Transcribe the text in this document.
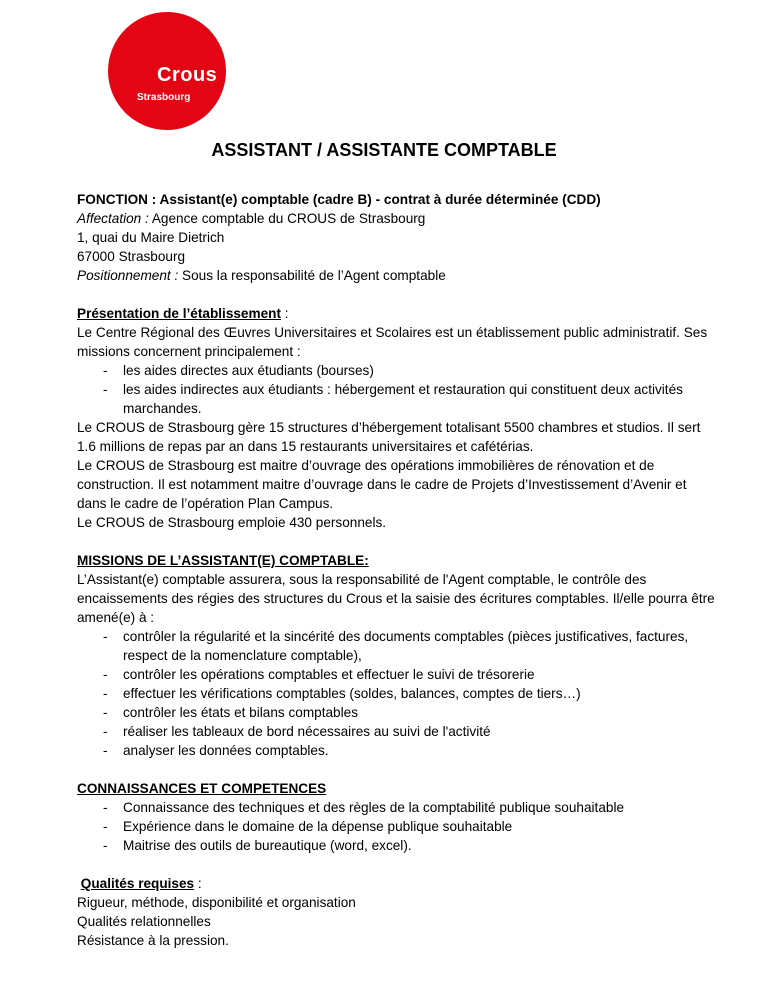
Crous
Strasbourg
ASSISTANT / ASSISTANTE COMPTABLE
FONCTION : Assistant(e) comptable (cadre B) - contrat à durée déterminée (CDD)
Affectation : Agence comptable du CROUS de Strasbourg
1, quai du Maire Dietrich
67000 Strasbourg
Positionnement : Sous la responsabilité de l’Agent comptable
Présentation de l’établissement :
Le Centre Régional des Œuvres Universitaires et Scolaires est un établissement public administratif. Ses missions concernent principalement :
- les aides directes aux étudiants (bourses)
- les aides indirectes aux étudiants : hébergement et restauration qui constituent deux activités marchandes.
Le CROUS de Strasbourg gère 15 structures d’hébergement totalisant 5500 chambres et studios. Il sert 1.6 millions de repas par an dans 15 restaurants universitaires et cafétérias.
Le CROUS de Strasbourg est maitre d’ouvrage des opérations immobilières de rénovation et de construction. Il est notamment maitre d’ouvrage dans le cadre de Projets d’Investissement d’Avenir et dans le cadre de l’opération Plan Campus.
Le CROUS de Strasbourg emploie 430 personnels.
MISSIONS DE L’ASSISTANT(E) COMPTABLE:
L’Assistant(e) comptable assurera, sous la responsabilité de l'Agent comptable, le contrôle des encaissements des régies des structures du Crous et la saisie des écritures comptables. Il/elle pourra être amené(e) à :
- contrôler la régularité et la sincérité des documents comptables (pièces justificatives, factures, respect de la nomenclature comptable),
- contrôler les opérations comptables et effectuer le suivi de trésorerie
- effectuer les vérifications comptables (soldes, balances, comptes de tiers…)
- contrôler les états et bilans comptables
- réaliser les tableaux de bord nécessaires au suivi de l'activité
- analyser les données comptables.
CONNAISSANCES ET COMPETENCES
- Connaissance des techniques et des règles de la comptabilité publique souhaitable
- Expérience dans le domaine de la dépense publique souhaitable
- Maitrise des outils de bureautique (word, excel).
Qualités requises :
Rigueur, méthode, disponibilité et organisation
Qualités relationnelles
Résistance à la pression.
